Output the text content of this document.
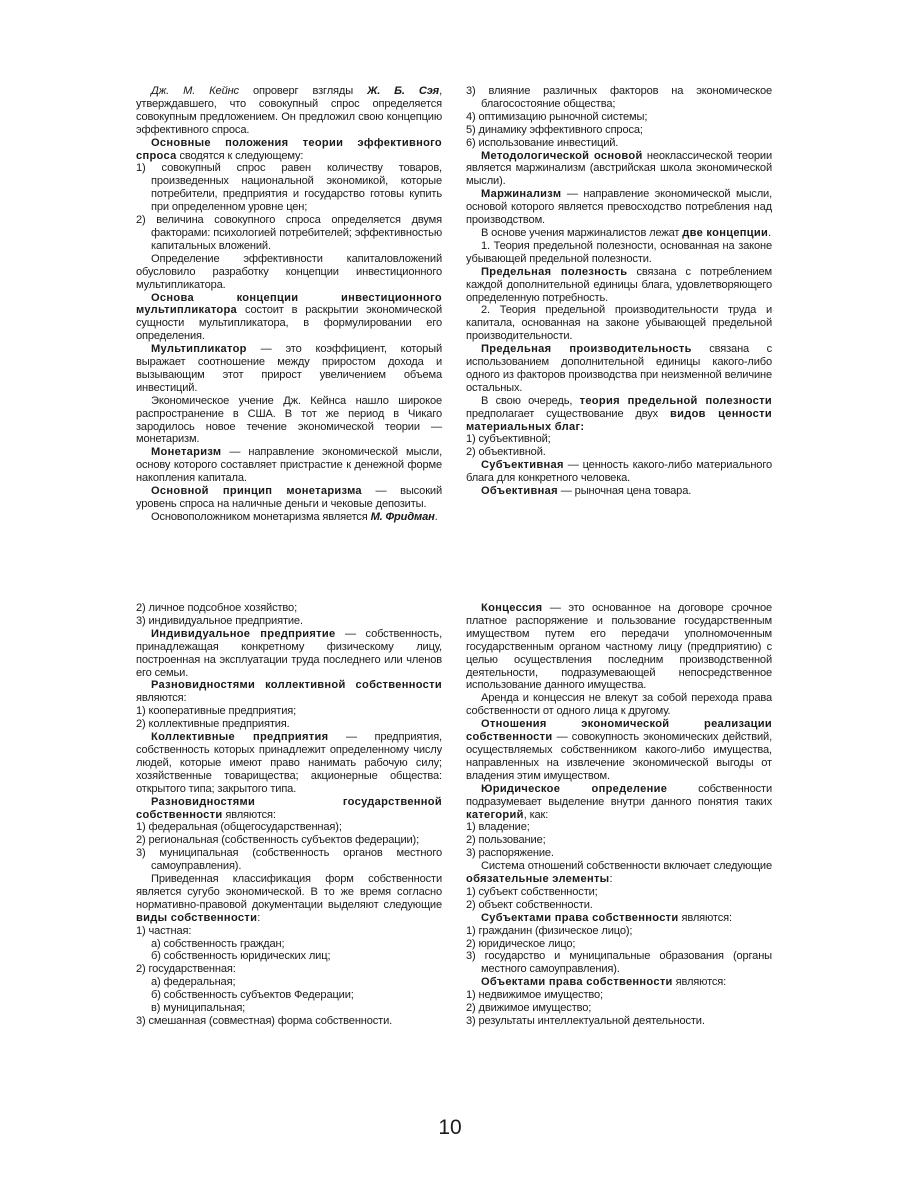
Дж. М. Кейнс опроверг взгляды Ж. Б. Сэя, утверждавшего, что совокупный спрос определяется совокупным предложением. Он предложил свою концепцию эффективного спроса.

Основные положения теории эффективного спроса сводятся к следующему:

1) совокупный спрос равен количеству товаров, произведенных национальной экономикой, которые потребители, предприятия и государство готовы купить при определенном уровне цен;

2) величина совокупного спроса определяется двумя факторами: психологией потребителей; эффективностью капитальных вложений.

Определение эффективности капиталовложений обусловило разработку концепции инвестиционного мультипликатора.

Основа концепции инвестиционного мультипликатора состоит в раскрытии экономической сущности мультипликатора, в формулировании его определения.

Мультипликатор — это коэффициент, который выражает соотношение между приростом дохода и вызывающим этот прирост увеличением объема инвестиций.

Экономическое учение Дж. Кейнса нашло широкое распространение в США. В тот же период в Чикаго зародилось новое течение экономической теории — монетаризм.

Монетаризм — направление экономической мысли, основу которого составляет пристрастие к денежной форме накопления капитала.

Основной принцип монетаризма — высокий уровень спроса на наличные деньги и чековые депозиты.

Основоположником монетаризма является М. Фридман.

3) влияние различных факторов на экономическое благосостояние общества;

4) оптимизацию рыночной системы;

5) динамику эффективного спроса;

6) использование инвестиций.

Методологической основой неоклассической теории является маржинализм (австрийская школа экономической мысли).

Маржинализм — направление экономической мысли, основой которого является превосходство потребления над производством.

В основе учения маржиналистов лежат две концепции.

1. Теория предельной полезности, основанная на законе убывающей предельной полезности.

Предельная полезность связана с потреблением каждой дополнительной единицы блага, удовлетворяющего определенную потребность.

2. Теория предельной производительности труда и капитала, основанная на законе убывающей предельной производительности.

Предельная производительность связана с использованием дополнительной единицы какого-либо одного из факторов производства при неизменной величине остальных.

В свою очередь, теория предельной полезности предполагает существование двух видов ценности материальных благ:

1) субъективной;

2) объективной.

Субъективная — ценность какого-либо материального блага для конкретного человека.

Объективная — рыночная цена товара.

2) личное подсобное хозяйство;

3) индивидуальное предприятие.

Индивидуальное предприятие — собственность, принадлежащая конкретному физическому лицу, построенная на эксплуатации труда последнего или членов его семьи.

Разновидностями коллективной собственности являются:

1) кооперативные предприятия;

2) коллективные предприятия.

Коллективные предприятия — предприятия, собственность которых принадлежит определенному числу людей, которые имеют право нанимать рабочую силу; хозяйственные товарищества; акционерные общества: открытого типа; закрытого типа.

Разновидностями государственной собственности являются:

1) федеральная (общегосударственная);

2) региональная (собственность субъектов федерации);

3) муниципальная (собственность органов местного самоуправления).

Приведенная классификация форм собственности является сугубо экономической. В то же время согласно нормативно-правовой документации выделяют следующие виды собственности:

1) частная:

а) собственность граждан;

б) собственность юридических лиц;

2) государственная:

а) федеральная;

б) собственность субъектов Федерации;

в) муниципальная;

3) смешанная (совместная) форма собственности.

Концессия — это основанное на договоре срочное платное распоряжение и пользование государственным имуществом путем его передачи уполномоченным государственным органом частному лицу (предприятию) с целью осуществления последним производственной деятельности, подразумевающей непосредственное использование данного имущества.

Аренда и концессия не влекут за собой перехода права собственности от одного лица к другому.

Отношения экономической реализации собственности — совокупность экономических действий, осуществляемых собственником какого-либо имущества, направленных на извлечение экономической выгоды от владения этим имуществом.

Юридическое определение собственности подразумевает выделение внутри данного понятия таких категорий, как:

1) владение;

2) пользование;

3) распоряжение.

Система отношений собственности включает следующие обязательные элементы:

1) субъект собственности;

2) объект собственности.

Субъектами права собственности являются:

1) гражданин (физическое лицо);

2) юридическое лицо;

3) государство и муниципальные образования (органы местного самоуправления).

Объектами права собственности являются:

1) недвижимое имущество;

2) движимое имущество;

3) результаты интеллектуальной деятельности.

10
